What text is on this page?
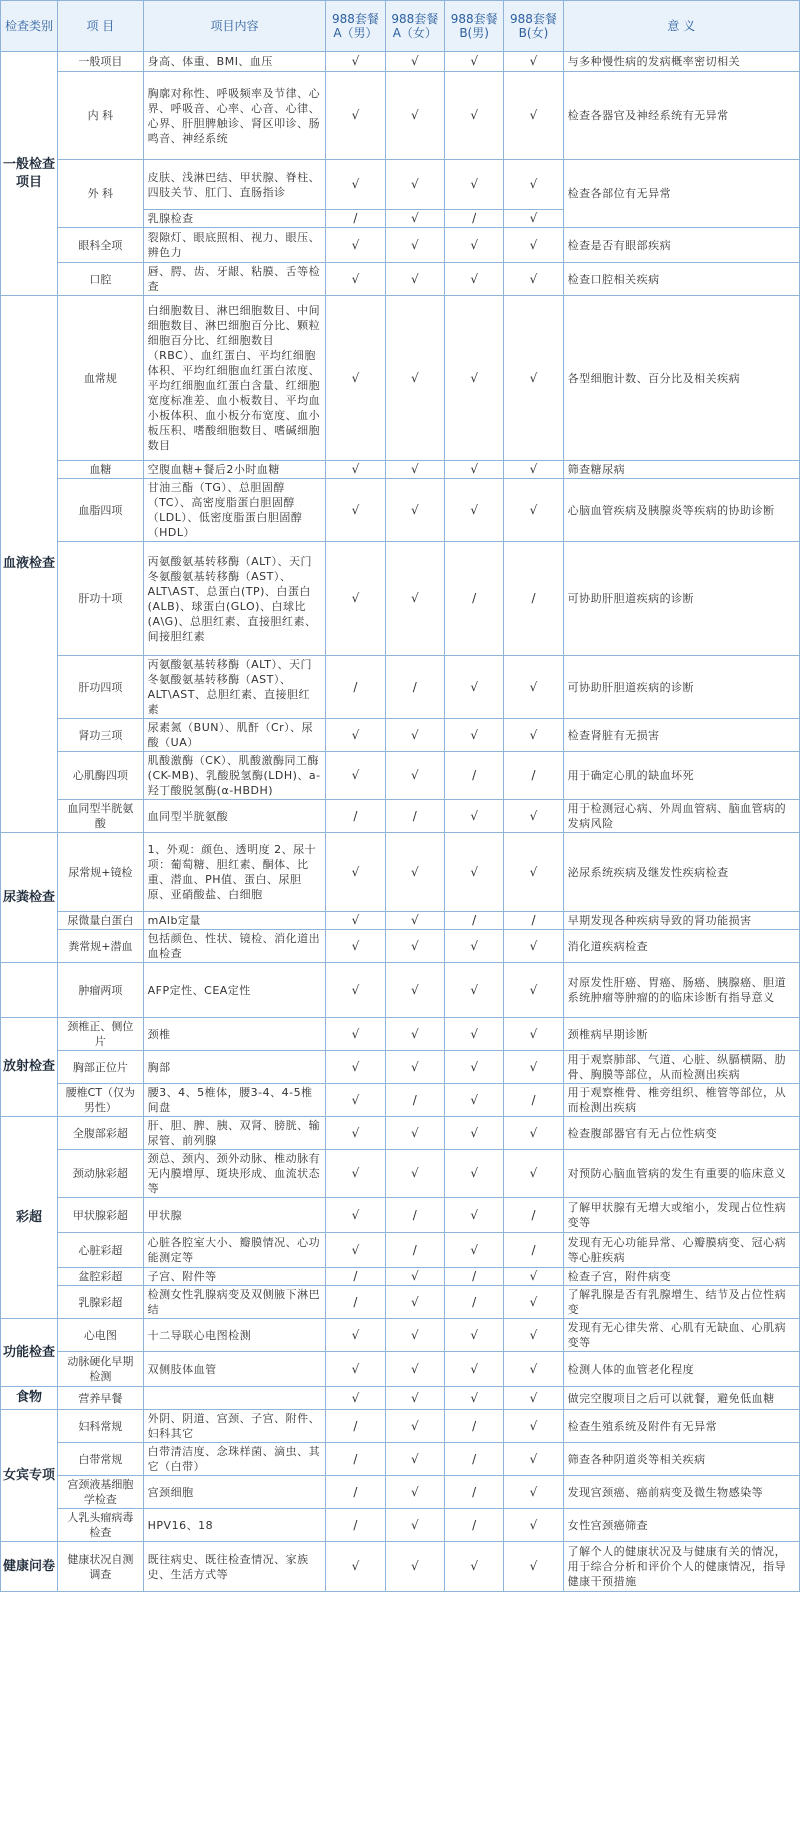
检查类别	项 目	项目内容	988套餐A（男）	988套餐A（女）	988套餐B(男)	988套餐B(女)	意 义
一般检查项目	一般项目	身高、体重、BMI、血压	√	√	√	√	与多种慢性病的发病概率密切相关
	内 科	胸廓对称性、呼吸频率及节律、心界、呼吸音、心率、心音、心律、心界、肝胆脾触诊、肾区叩诊、肠鸣音、神经系统	√	√	√	√	检查各器官及神经系统有无异常
	外 科	皮肤、浅淋巴结、甲状腺、脊柱、四肢关节、肛门、直肠指诊	√	√	√	√	检查各部位有无异常
		乳腺检查	/	√	/	√	
	眼科全项	裂隙灯、眼底照相、视力、眼压、辨色力	√	√	√	√	检查是否有眼部疾病
	口腔	唇、腭、齿、牙龈、粘膜、舌等检查	√	√	√	√	检查口腔相关疾病
血液检查	血常规	白细胞数目、淋巴细胞数目、中间细胞数目、淋巴细胞百分比、颗粒细胞百分比、红细胞数目（RBC）、血红蛋白、平均红细胞体积、平均红细胞血红蛋白浓度、平均红细胞血红蛋白含量、红细胞宽度标准差、血小板数目、平均血小板体积、血小板分布宽度、血小板压积、嗜酸细胞数目、嗜碱细胞数目	√	√	√	√	各型细胞计数、百分比及相关疾病
	血糖	空腹血糖+餐后2小时血糖	√	√	√	√	筛查糖尿病
	血脂四项	甘油三酯（TG）、总胆固醇（TC）、高密度脂蛋白胆固醇（LDL）、低密度脂蛋白胆固醇（HDL）	√	√	√	√	心脑血管疾病及胰腺炎等疾病的协助诊断
	肝功十项	丙氨酸氨基转移酶（ALT）、天门冬氨酸氨基转移酶（AST）、ALT\AST、总蛋白(TP)、白蛋白(ALB)、球蛋白(GLO)、白球比(A\G)、总胆红素、直接胆红素、间接胆红素	√	√	/	/	可协助肝胆道疾病的诊断
	肝功四项	丙氨酸氨基转移酶（ALT）、天门冬氨酸氨基转移酶（AST）、ALT\AST、总胆红素、直接胆红素	/	/	√	√	可协助肝胆道疾病的诊断
	肾功三项	尿素氮（BUN）、肌酐（Cr）、尿酸（UA）	√	√	√	√	检查肾脏有无损害
	心肌酶四项	肌酸激酶（CK）、肌酸激酶同工酶(CK-MB)、乳酸脱氢酶(LDH)、a-羟丁酸脱氢酶(α-HBDH)	√	√	/	/	用于确定心肌的缺血坏死
	血同型半胱氨酸	血同型半胱氨酸	/	/	√	√	用于检测冠心病、外周血管病、脑血管病的发病风险
尿粪检查	尿常规+镜检	1、外观：颜色、透明度 2、尿十项：葡萄糖、胆红素、酮体、比重、潜血、PH值、蛋白、尿胆原、亚硝酸盐、白细胞	√	√	√	√	泌尿系统疾病及继发性疾病检查
	尿微量白蛋白	mAlb定量	√	√	/	/	早期发现各种疾病导致的肾功能损害
	粪常规+潜血	包括颜色、性状、镜检、消化道出血检查	√	√	√	√	消化道疾病检查
	肿瘤两项	AFP定性、CEA定性	√	√	√	√	对原发性肝癌、胃癌、肠癌、胰腺癌、胆道系统肿瘤等肿瘤的的临床诊断有指导意义
放射检查	颈椎正、侧位片	颈椎	√	√	√	√	颈椎病早期诊断
	胸部正位片	胸部	√	√	√	√	用于观察肺部、气道、心脏、纵膈横隔、肋骨、胸膜等部位，从而检测出疾病
	腰椎CT（仅为男性）	腰3、4、5椎体，腰3-4、4-5椎间盘	√	/	√	/	用于观察椎骨、椎旁组织、椎管等部位，从而检测出疾病
彩超	全腹部彩超	肝、胆、脾、胰、双肾、膀胱、输尿管、前列腺	√	√	√	√	检查腹部器官有无占位性病变
	颈动脉彩超	颈总、颈内、颈外动脉、椎动脉有无内膜增厚、斑块形成、血流状态等	√	√	√	√	对预防心脑血管病的发生有重要的临床意义
	甲状腺彩超	甲状腺	√	/	√	/	了解甲状腺有无增大或缩小，发现占位性病变等
	心脏彩超	心脏各腔室大小、瓣膜情况、心功能测定等	√	/	√	/	发现有无心功能异常、心瓣膜病变、冠心病等心脏疾病
	盆腔彩超	子宫、附件等	/	√	/	√	检查子宫，附件病变
	乳腺彩超	检测女性乳腺病变及双侧腋下淋巴结	/	√	/	√	了解乳腺是否有乳腺增生、结节及占位性病变
功能检查	心电图	十二导联心电图检测	√	√	√	√	发现有无心律失常、心肌有无缺血、心肌病变等
	动脉硬化早期检测	双侧肢体血管	√	√	√	√	检测人体的血管老化程度
食物	营养早餐		√	√	√	√	做完空腹项目之后可以就餐，避免低血糖
女宾专项	妇科常规	外阴、阴道、宫颈、子宫、附件、妇科其它	/	√	/	√	检查生殖系统及附件有无异常
	白带常规	白带清洁度、念珠样菌、滴虫、其它（白带）	/	√	/	√	筛查各种阴道炎等相关疾病
	宫颈液基细胞学检查	宫颈细胞	/	√	/	√	发现宫颈癌、癌前病变及微生物感染等
	人乳头瘤病毒检查	HPV16、18	/	√	/	√	女性宫颈癌筛查
健康问卷	健康状况自测调查	既往病史、既往检查情况、家族史、生活方式等	√	√	√	√	了解个人的健康状况及与健康有关的情况，用于综合分析和评价个人的健康情况，指导健康干预措施
